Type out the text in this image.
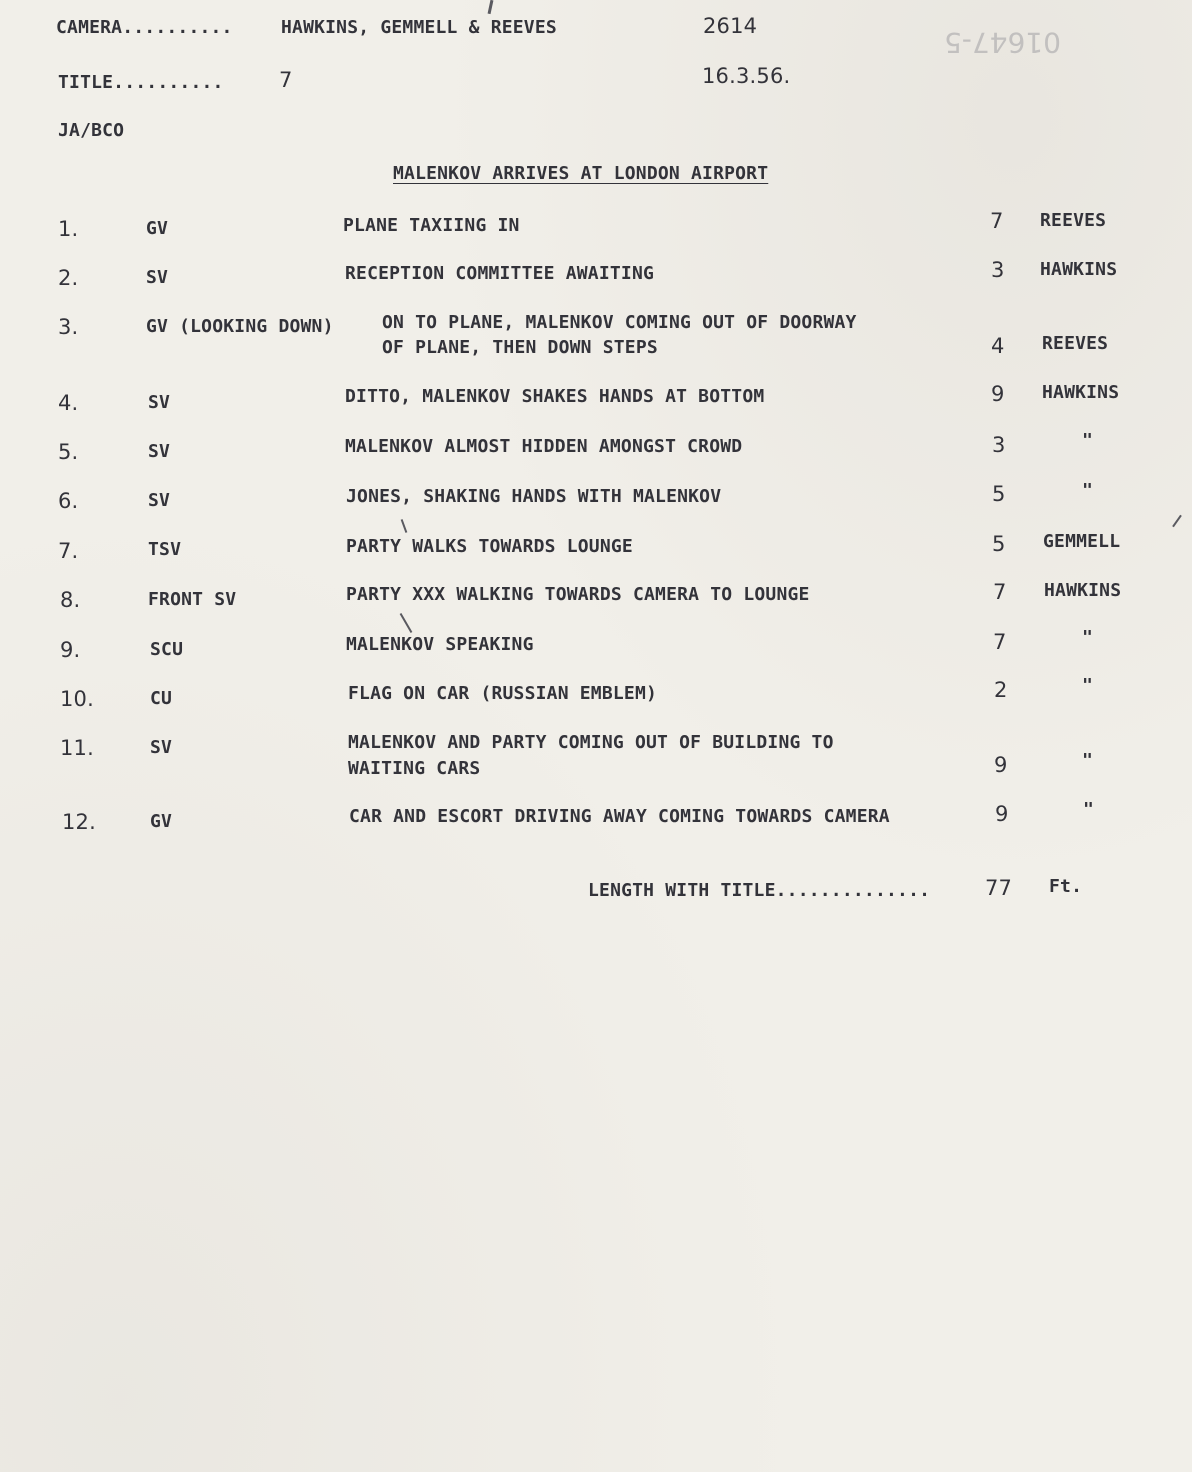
01647-5
CAMERA..........	HAWKINS, GEMMELL & REEVES	2614
TITLE..........	7	16.3.56.
JA/BCO
MALENKOV ARRIVES AT LONDON AIRPORT
1.	GV	PLANE TAXIING IN	7 REEVES
2.	SV	RECEPTION COMMITTEE AWAITING	3 HAWKINS
3.	GV (LOOKING DOWN)	ON TO PLANE, MALENKOV COMING OUT OF DOORWAY
OF PLANE, THEN DOWN STEPS	4 REEVES
4.	SV	DITTO, MALENKOV SHAKES HANDS AT BOTTOM	9 HAWKINS
5.	SV	MALENKOV ALMOST HIDDEN AMONGST CROWD	3	"
6.	SV	JONES, SHAKING HANDS WITH MALENKOV	5	"
7.	TSV	PARTY WALKS TOWARDS LOUNGE	5 GEMMELL
8.	FRONT SV	PARTY XXX WALKING TOWARDS CAMERA TO LOUNGE	7 HAWKINS
9.	SCU	MALENKOV SPEAKING	7	"
10.	CU	FLAG ON CAR (RUSSIAN EMBLEM)	2	"
11.	SV	MALENKOV AND PARTY COMING OUT OF BUILDING TO
WAITING CARS	9	"
12.	GV	CAR AND ESCORT DRIVING AWAY COMING TOWARDS CAMERA	9	"
LENGTH WITH TITLE..............	77 Ft.
